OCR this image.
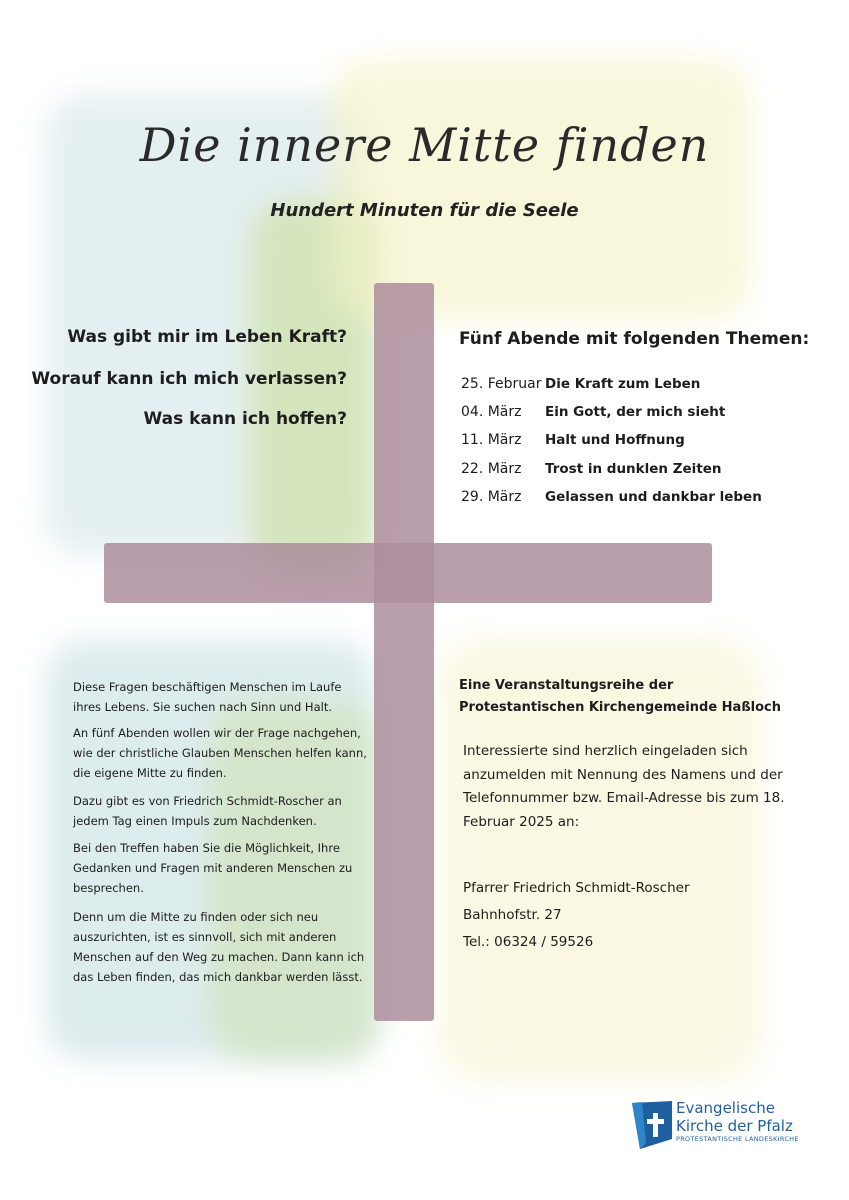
Die innere Mitte finden
Hundert Minuten für die Seele
Was gibt mir im Leben Kraft?
Worauf kann ich mich verlassen?
Was kann ich hoffen?
Fünf Abende mit folgenden Themen:
25. Februar Die Kraft zum Leben
04. März Ein Gott, der mich sieht
11. März Halt und Hoffnung
22. März Trost in dunklen Zeiten
29. März Gelassen und dankbar leben

Diese Fragen beschäftigen Menschen im Laufe ihres Lebens. Sie suchen nach Sinn und Halt.

An fünf Abenden wollen wir der Frage nachgehen, wie der christliche Glauben Menschen helfen kann, die eigene Mitte zu finden.

Dazu gibt es von Friedrich Schmidt-Roscher an jedem Tag einen Impuls zum Nachdenken.

Bei den Treffen haben Sie die Möglichkeit, Ihre Gedanken und Fragen mit anderen Menschen zu besprechen.

Denn um die Mitte zu finden oder sich neu auszurichten, ist es sinnvoll, sich mit anderen Menschen auf den Weg zu machen. Dann kann ich das Leben finden, das mich dankbar werden lässt.

Eine Veranstaltungsreihe der
Protestantischen Kirchengemeinde Haßloch

Interessierte sind herzlich eingeladen sich anzumelden mit Nennung des Namens und der Telefonnummer bzw. Email-Adresse bis zum 18. Februar 2025 an:

Pfarrer Friedrich Schmidt-Roscher
Bahnhofstr. 27
Tel.: 06324 / 59526
Evangelische
Kirche der Pfalz
PROTESTANTISCHE LANDESKIRCHE
